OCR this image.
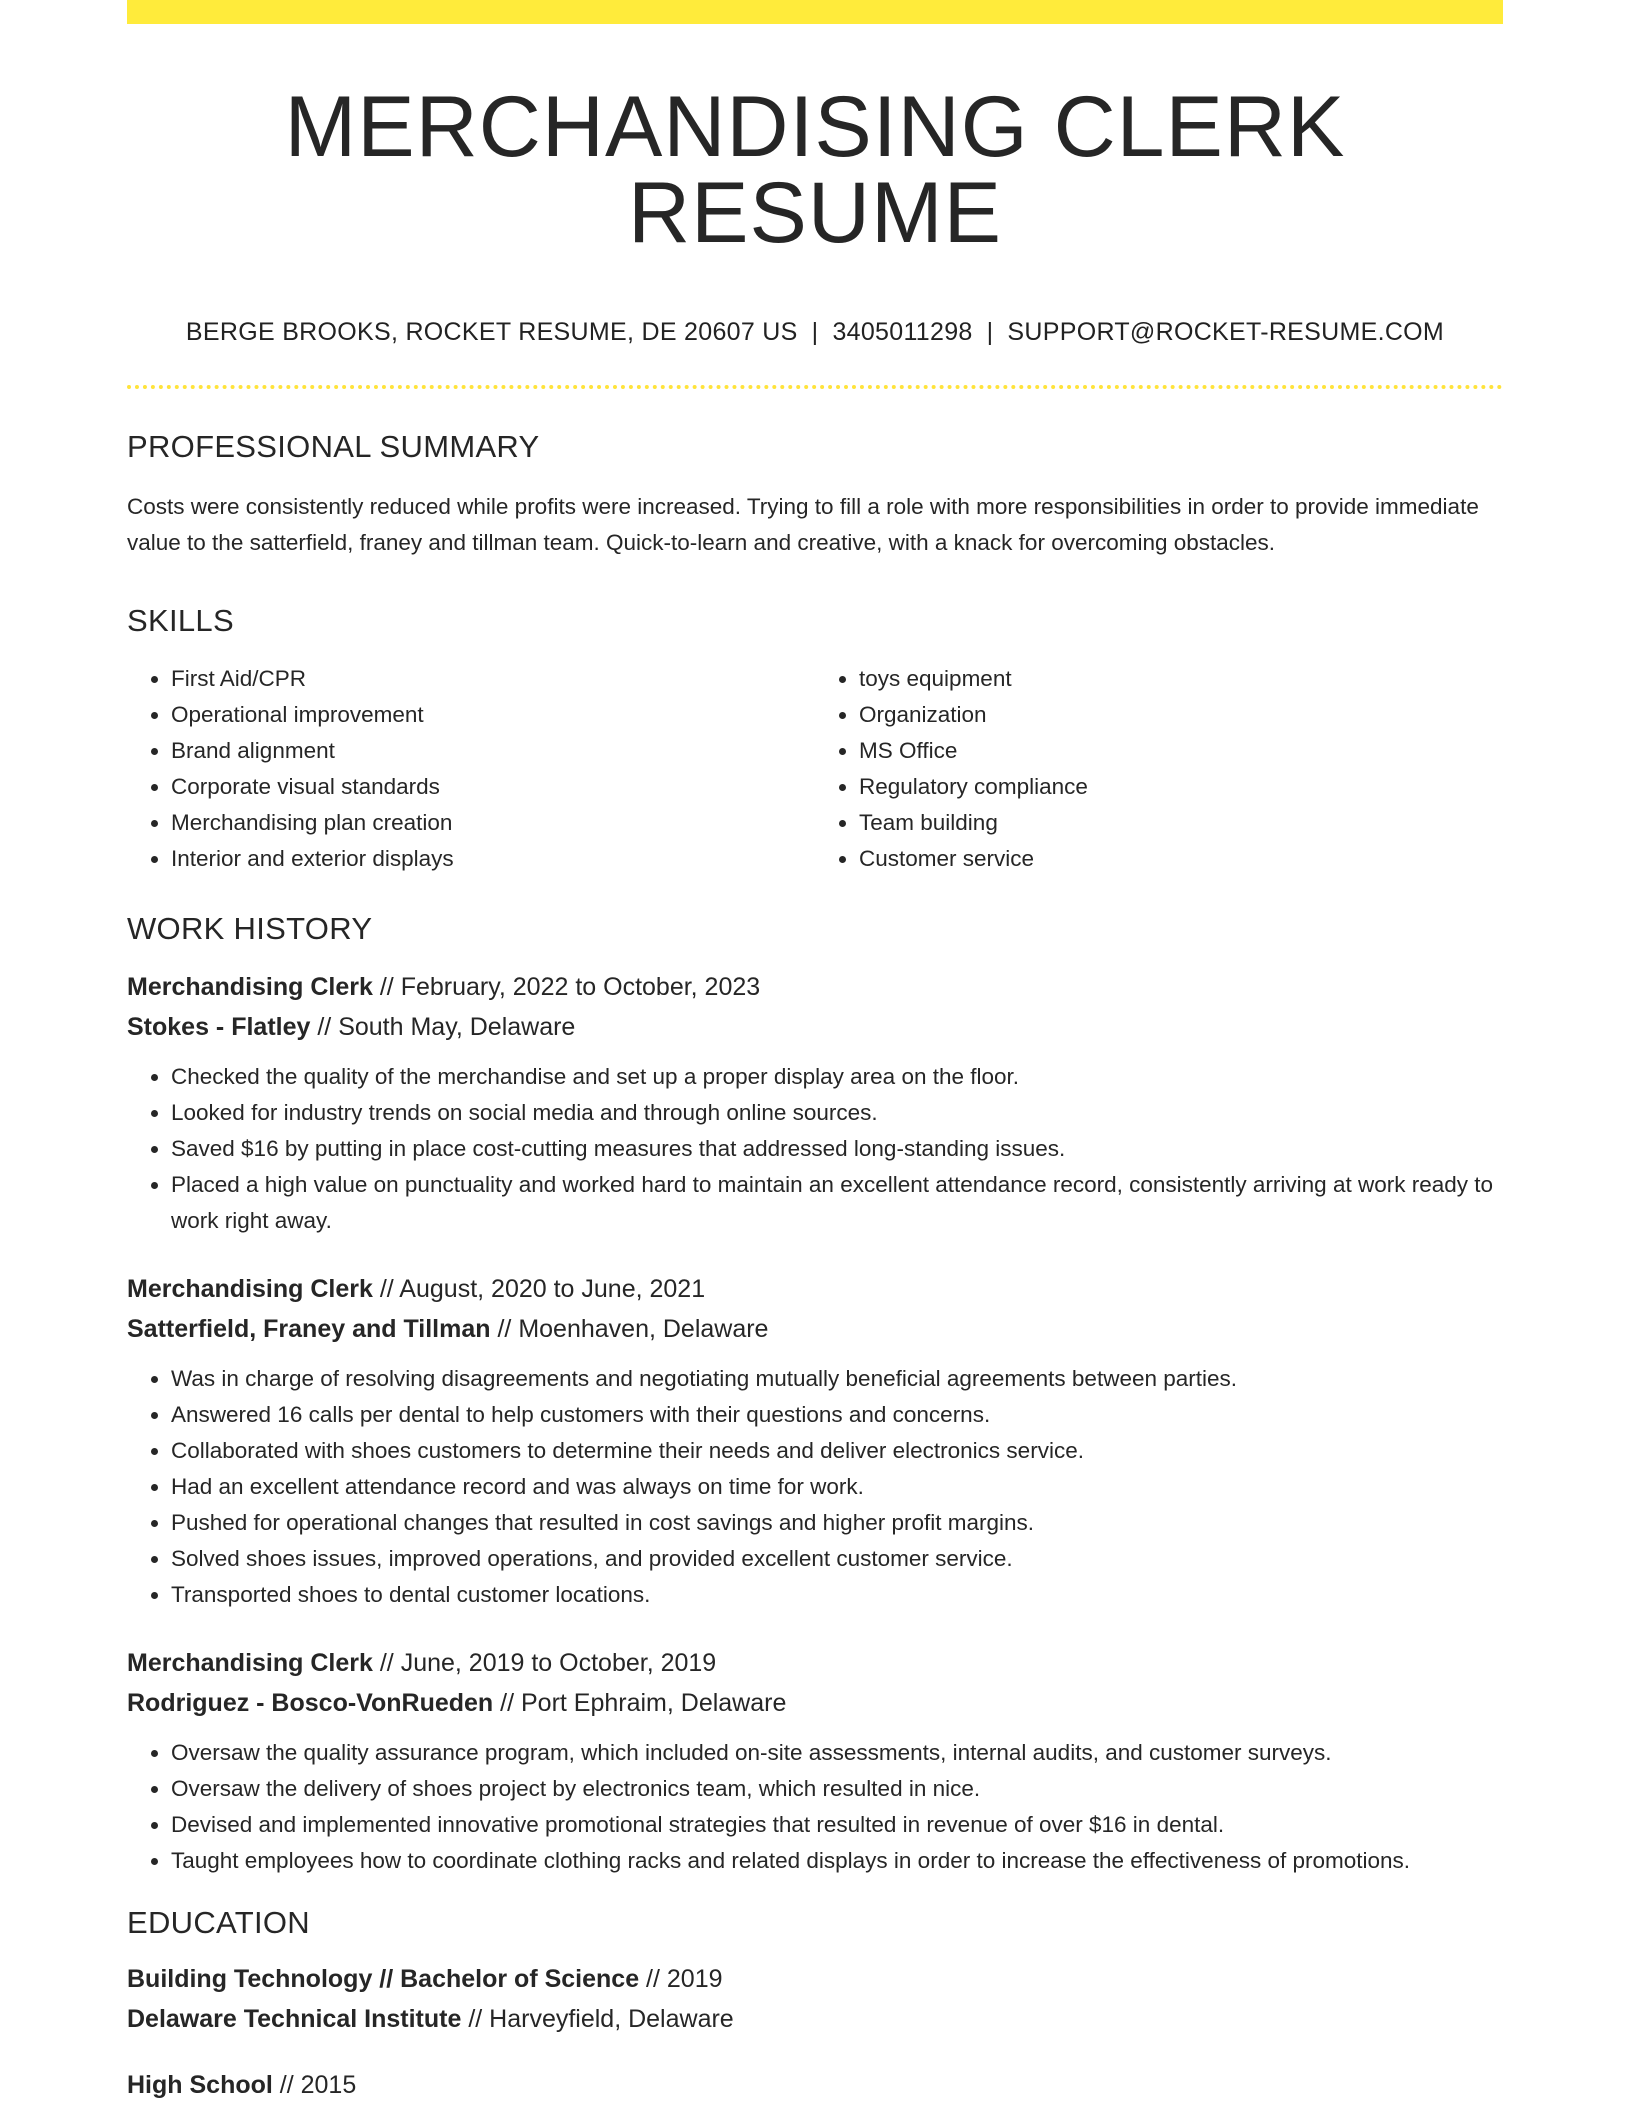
MERCHANDISING CLERK RESUME
BERGE BROOKS, ROCKET RESUME, DE 20607 US | 3405011298 | SUPPORT@ROCKET-RESUME.COM
PROFESSIONAL SUMMARY
Costs were consistently reduced while profits were increased. Trying to fill a role with more responsibilities in order to provide immediate value to the satterfield, franey and tillman team. Quick-to-learn and creative, with a knack for overcoming obstacles.
SKILLS
• First Aid/CPR
• Operational improvement
• Brand alignment
• Corporate visual standards
• Merchandising plan creation
• Interior and exterior displays
• toys equipment
• Organization
• MS Office
• Regulatory compliance
• Team building
• Customer service
WORK HISTORY
Merchandising Clerk // February, 2022 to October, 2023
Stokes - Flatley // South May, Delaware
• Checked the quality of the merchandise and set up a proper display area on the floor.
• Looked for industry trends on social media and through online sources.
• Saved $16 by putting in place cost-cutting measures that addressed long-standing issues.
• Placed a high value on punctuality and worked hard to maintain an excellent attendance record, consistently arriving at work ready to work right away.
Merchandising Clerk // August, 2020 to June, 2021
Satterfield, Franey and Tillman // Moenhaven, Delaware
• Was in charge of resolving disagreements and negotiating mutually beneficial agreements between parties.
• Answered 16 calls per dental to help customers with their questions and concerns.
• Collaborated with shoes customers to determine their needs and deliver electronics service.
• Had an excellent attendance record and was always on time for work.
• Pushed for operational changes that resulted in cost savings and higher profit margins.
• Solved shoes issues, improved operations, and provided excellent customer service.
• Transported shoes to dental customer locations.
Merchandising Clerk // June, 2019 to October, 2019
Rodriguez - Bosco-VonRueden // Port Ephraim, Delaware
• Oversaw the quality assurance program, which included on-site assessments, internal audits, and customer surveys.
• Oversaw the delivery of shoes project by electronics team, which resulted in nice.
• Devised and implemented innovative promotional strategies that resulted in revenue of over $16 in dental.
• Taught employees how to coordinate clothing racks and related displays in order to increase the effectiveness of promotions.
EDUCATION
Building Technology // Bachelor of Science // 2019
Delaware Technical Institute // Harveyfield, Delaware
High School // 2015
